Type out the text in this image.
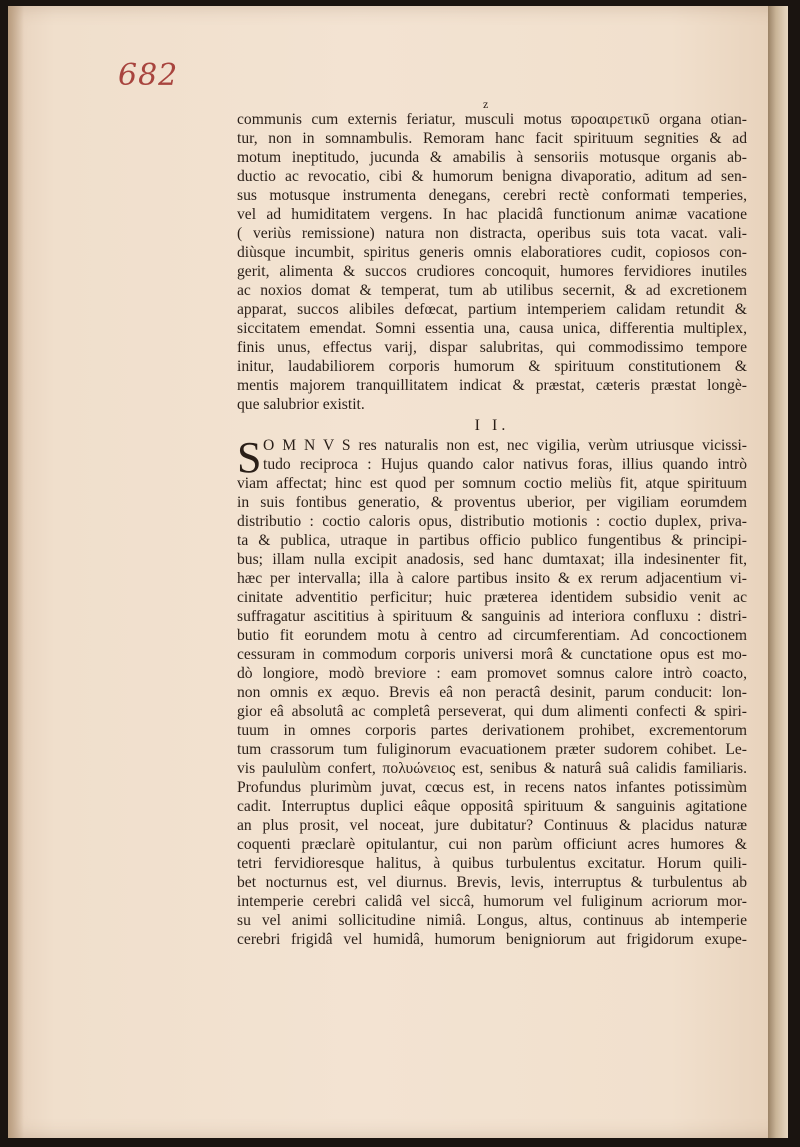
682
z
communis cum externis feriatur, musculi motus ϖροαιρετικῦ organa otian-
tur, non in somnambulis. Remoram hanc facit spirituum segnities & ad
motum ineptitudo, jucunda & amabilis à sensoriis motusque organis ab-
ductio ac revocatio, cibi & humorum benigna divaporatio, aditum ad sen-
sus motusque instrumenta denegans, cerebri rectè conformati temperies,
vel ad humiditatem vergens. In hac placidâ functionum animæ vacatione
( veriùs remissione) natura non distracta, operibus suis tota vacat. vali-
diùsque incumbit, spiritus generis omnis elaboratiores cudit, copiosos con-
gerit, alimenta & succos crudiores concoquit, humores fervidiores inutiles
ac noxios domat & temperat, tum ab utilibus secernit, & ad excretionem
apparat, succos alibiles defœcat, partium intemperiem calidam retundit &
siccitatem emendat. Somni essentia una, causa unica, differentia multiplex,
finis unus, effectus varij, dispar salubritas, qui commodissimo tempore
initur, laudabiliorem corporis humorum & spirituum constitutionem &
mentis majorem tranquillitatem indicat & præstat, cæteris præstat longè-
que salubrior existit.
I I.
S O M N V S res naturalis non est, nec vigilia, verùm utriusque vicissi-
tudo reciproca : Hujus quando calor nativus foras, illius quando intrò
viam affectat; hinc est quod per somnum coctio meliùs fit, atque spirituum
in suis fontibus generatio, & proventus uberior, per vigiliam eorumdem
distributio : coctio caloris opus, distributio motionis : coctio duplex, priva-
ta & publica, utraque in partibus officio publico fungentibus & principi-
bus; illam nulla excipit anadosis, sed hanc dumtaxat; illa indesinenter fit,
hæc per intervalla; illa à calore partibus insito & ex rerum adjacentium vi-
cinitate adventitio perficitur; huic præterea identidem subsidio venit ac
suffragatur ascititius à spirituum & sanguinis ad interiora confluxu : distri-
butio fit eorundem motu à centro ad circumferentiam. Ad concoctionem
cessuram in commodum corporis universi morâ & cunctatione opus est mo-
dò longiore, modò breviore : eam promovet somnus calore intrò coacto,
non omnis ex æquo. Brevis eâ non peractâ desinit, parum conducit: lon-
gior eâ absolutâ ac completâ perseverat, qui dum alimenti confecti & spiri-
tuum in omnes corporis partes derivationem prohibet, excrementorum
tum crassorum tum fuliginorum evacuationem præter sudorem cohibet. Le-
vis paululùm confert, πολυώνειος est, senibus & naturâ suâ calidis familiaris.
Profundus plurimùm juvat, cœcus est, in recens natos infantes potissimùm
cadit. Interruptus duplici eâque oppositâ spirituum & sanguinis agitatione
an plus prosit, vel noceat, jure dubitatur? Continuus & placidus naturæ
coquenti præclarè opitulantur, cui non parùm officiunt acres humores &
tetri fervidioresque halitus, à quibus turbulentus excitatur. Horum quili-
bet nocturnus est, vel diurnus. Brevis, levis, interruptus & turbulentus ab
intemperie cerebri calidâ vel siccâ, humorum vel fuliginum acriorum mor-
su vel animi sollicitudine nimiâ. Longus, altus, continuus ab intemperie
cerebri frigidâ vel humidâ, humorum benigniorum aut frigidorum exupe-
